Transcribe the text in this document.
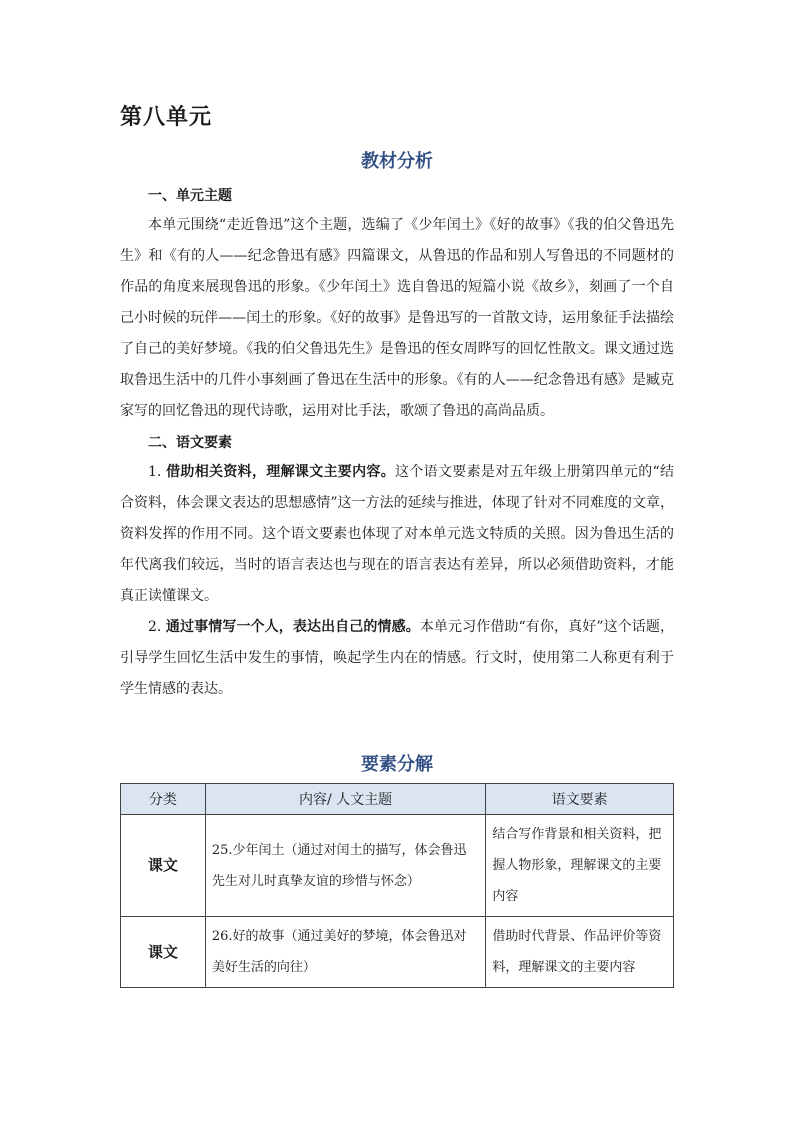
第八单元
教材分析

一、单元主题

本单元围绕“走近鲁迅”这个主题，选编了《少年闰土》《好的故事》《我的伯父鲁迅先生》和《有的人——纪念鲁迅有感》四篇课文，从鲁迅的作品和别人写鲁迅的不同题材的作品的角度来展现鲁迅的形象。《少年闰土》选自鲁迅的短篇小说《故乡》，刻画了一个自己小时候的玩伴——闰土的形象。《好的故事》是鲁迅写的一首散文诗，运用象征手法描绘了自己的美好梦境。《我的伯父鲁迅先生》是鲁迅的侄女周晔写的回忆性散文。课文通过选取鲁迅生活中的几件小事刻画了鲁迅在生活中的形象。《有的人——纪念鲁迅有感》是臧克家写的回忆鲁迅的现代诗歌，运用对比手法，歌颂了鲁迅的高尚品质。

二、语文要素

1. 借助相关资料，理解课文主要内容。这个语文要素是对五年级上册第四单元的“结合资料，体会课文表达的思想感情”这一方法的延续与推进，体现了针对不同难度的文章，资料发挥的作用不同。这个语文要素也体现了对本单元选文特质的关照。因为鲁迅生活的年代离我们较远，当时的语言表达也与现在的语言表达有差异，所以必须借助资料，才能真正读懂课文。

2. 通过事情写一个人，表达出自己的情感。本单元习作借助“有你，真好”这个话题，引导学生回忆生活中发生的事情，唤起学生内在的情感。行文时，使用第二人称更有利于学生情感的表达。

要素分解
分类	内容/ 人文主题	语文要素
课文	25.少年闰土（通过对闰土的描写，体会鲁迅先生对儿时真挚友谊的珍惜与怀念）	结合写作背景和相关资料，把握人物形象，理解课文的主要内容
课文	26.好的故事（通过美好的梦境，体会鲁迅对美好生活的向往）	借助时代背景、作品评价等资料，理解课文的主要内容
